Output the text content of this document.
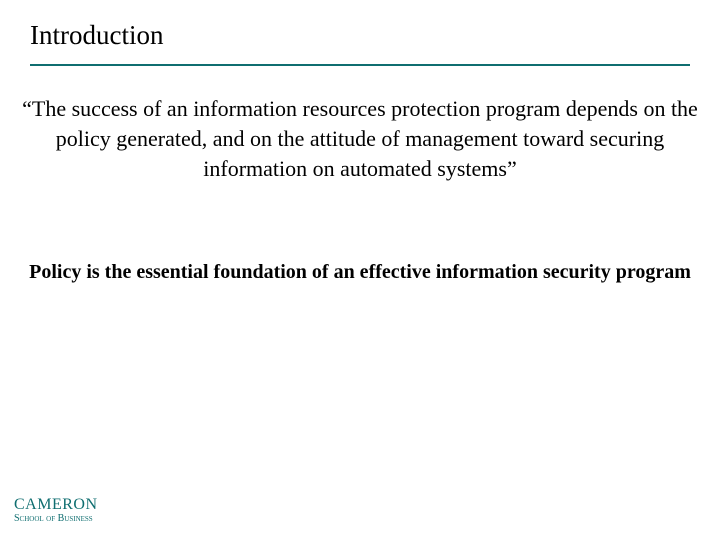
Introduction
“The success of an information resources protection program depends on the policy generated, and on the attitude of management toward securing information on automated systems”
Policy is the essential foundation of an effective information security program
CAMERON
School of Business
